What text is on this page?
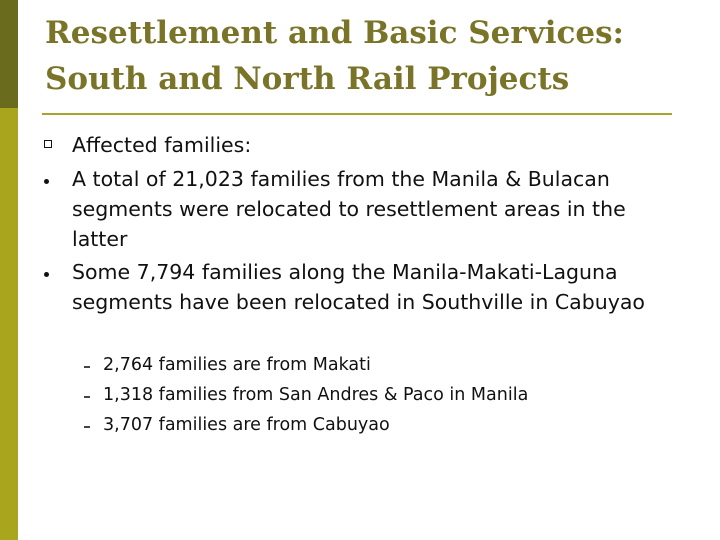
Resettlement and Basic Services:
South and North Rail Projects
Affected families:
A total of 21,023 families from the Manila & Bulacan segments were relocated to resettlement areas in the latter
Some 7,794 families along the Manila-Makati-Laguna segments have been relocated in Southville in Cabuyao
2,764 families are from Makati
1,318 families from San Andres & Paco in Manila
3,707 families are from Cabuyao
